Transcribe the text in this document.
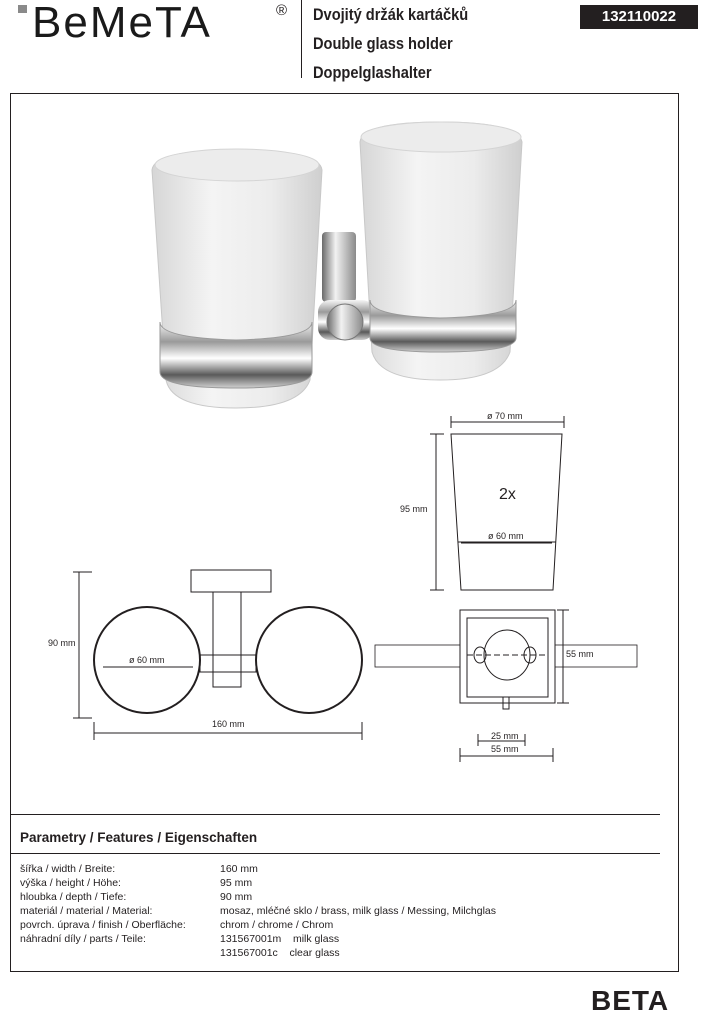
BeMeTA	® Dvojitý držák kartáčků
Double glass holder
Doppelglashalter
132110022
ø 70 mm
95 mm
2x
ø 60 mm
90 mm
ø 60 mm
160 mm
55 mm
25 mm
55 mm
Parametry / Features / Eigenschaften
šířka / width / Breite:	160 mm
výška / height / Höhe:	95 mm
hloubka / depth / Tiefe:	90 mm
materiál / material / Material:	mosaz, mléčné sklo / brass, milk glass / Messing, Milchglas
povrch. úprava / finish / Oberfläche:	chrom / chrome / Chrom
náhradní díly / parts / Teile:	131567001m    milk glass
131567001c    clear glass
BETA
